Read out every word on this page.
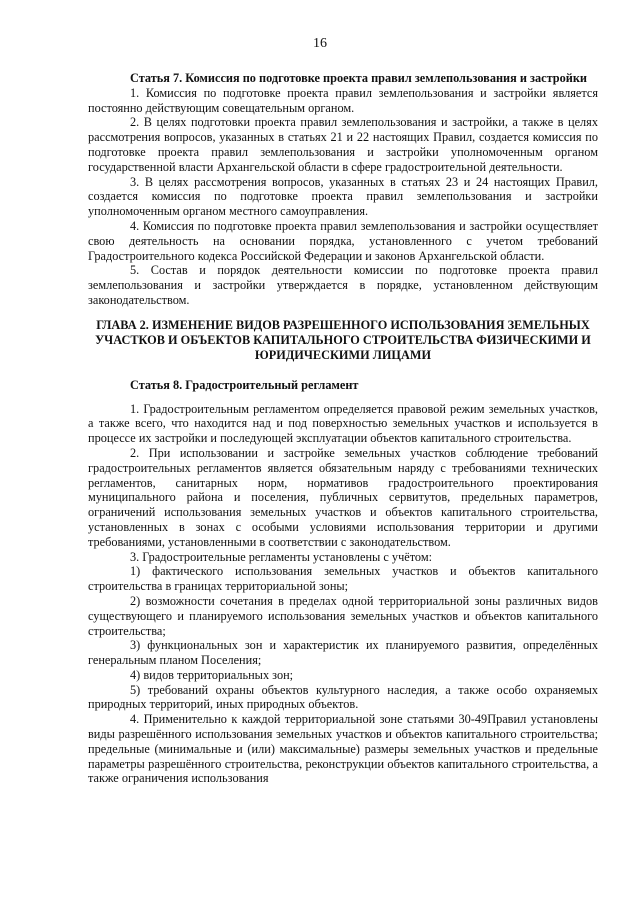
16

Статья 7. Комиссия по подготовке проекта правил землепользования и застройки

1. Комиссия по подготовке проекта правил землепользования и застройки является постоянно действующим совещательным органом.

2. В целях подготовки проекта правил землепользования и застройки, а также в целях рассмотрения вопросов, указанных в статьях 21 и 22 настоящих Правил, создается комиссия по подготовке проекта правил землепользования и застройки уполномоченным органом государственной власти Архангельской области в сфере градостроительной деятельности.

3. В целях рассмотрения вопросов, указанных в статьях 23 и 24 настоящих Правил, создается комиссия по подготовке проекта правил землепользования и застройки уполномоченным органом местного самоуправления.

4. Комиссия по подготовке проекта правил землепользования и застройки осуществляет свою деятельность на основании порядка, установленного с учетом требований Градостроительного кодекса Российской Федерации и законов Архангельской области.

5. Состав и порядок деятельности комиссии по подготовке проекта правил землепользования и застройки утверждается в порядке, установленном действующим законодательством.

ГЛАВА 2. ИЗМЕНЕНИЕ ВИДОВ РАЗРЕШЕННОГО ИСПОЛЬЗОВАНИЯ ЗЕМЕЛЬНЫХ УЧАСТКОВ И ОБЪЕКТОВ КАПИТАЛЬНОГО СТРОИТЕЛЬСТВА ФИЗИЧЕСКИМИ И ЮРИДИЧЕСКИМИ ЛИЦАМИ

Статья 8. Градостроительный регламент

1. Градостроительным регламентом определяется правовой режим земельных участков, а также всего, что находится над и под поверхностью земельных участков и используется в процессе их застройки и последующей эксплуатации объектов капитального строительства.

2. При использовании и застройке земельных участков соблюдение требований градостроительных регламентов является обязательным наряду с требованиями технических регламентов, санитарных норм, нормативов градостроительного проектирования муниципального района и поселения, публичных сервитутов, предельных параметров, ограничений использования земельных участков и объектов капитального строительства, установленных в зонах с особыми условиями использования территории и другими требованиями, установленными в соответствии с законодательством.

3. Градостроительные регламенты установлены с учётом:

1) фактического использования земельных участков и объектов капитального строительства в границах территориальной зоны;

2) возможности сочетания в пределах одной территориальной зоны различных видов существующего и планируемого использования земельных участков и объектов капитального строительства;

3) функциональных зон и характеристик их планируемого развития, определённых генеральным планом Поселения;

4) видов территориальных зон;

5) требований охраны объектов культурного наследия, а также особо охраняемых природных территорий, иных природных объектов.

4. Применительно к каждой территориальной зоне статьями 30-49Правил установлены виды разрешённого использования земельных участков и объектов капитального строительства; предельные (минимальные и (или) максимальные) размеры земельных участков и предельные параметры разрешённого строительства, реконструкции объектов капитального строительства, а также ограничения использования
